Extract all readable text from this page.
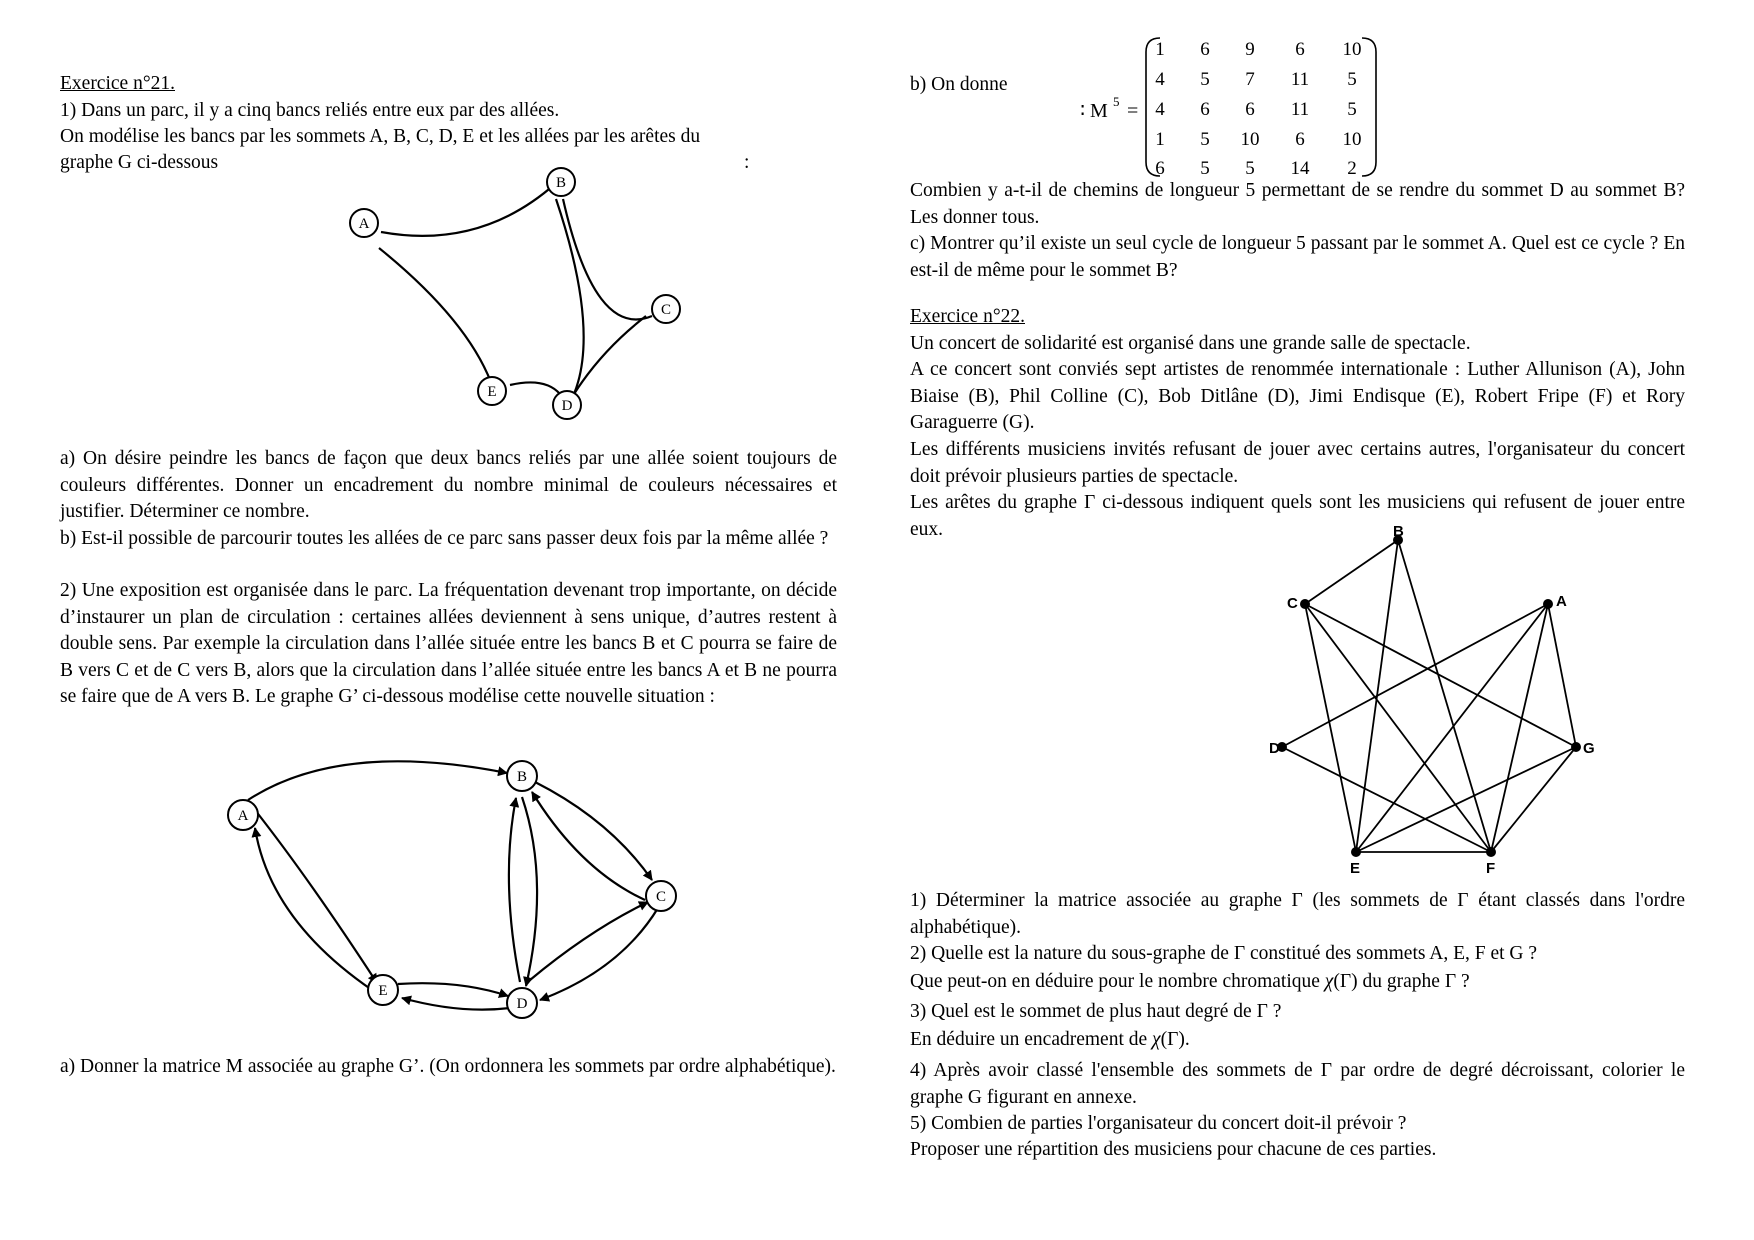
Exercice n°21.

1) Dans un parc, il y a cinq bancs reliés entre eux par des allées.

On modélise les bancs par les sommets A, B, C, D, E et les allées par les arêtes du

graphe G ci-dessous	:

A
B
C
D
E

a) On désire peindre les bancs de façon que deux bancs reliés par une allée soient toujours de couleurs différentes. Donner un encadrement du nombre minimal de couleurs nécessaires et justifier. Déterminer ce nombre.

b) Est-il possible de parcourir toutes les allées de ce parc sans passer deux fois par la même allée ?

2) Une exposition est organisée dans le parc. La fréquentation devenant trop importante, on décide d’instaurer un plan de circulation : certaines allées deviennent à sens unique, d’autres restent à double sens. Par exemple la circulation dans l’allée située entre les bancs B et C pourra se faire de B vers C et de C vers B, alors que la circulation dans l’allée située entre les bancs A et B ne pourra se faire que de A vers B. Le graphe G’ ci-dessous modélise cette nouvelle situation :

A
B
C
D
E

a) Donner la matrice M associée au graphe G’. (On ordonnera les sommets par ordre alphabétique).

b) On donne

∶ M 5 =
1 6 9 6 10
4 5 7 11 5
4 6 6 11 5
1 5 10 6 10
6 5 5 14 2

Combien y a-t-il de chemins de longueur 5 permettant de se rendre du sommet D au sommet B? Les donner tous.

c) Montrer qu’il existe un seul cycle de longueur 5 passant par le sommet A. Quel est ce cycle ? En est-il de même pour le sommet B?

Exercice n°22.

Un concert de solidarité est organisé dans une grande salle de spectacle.

A ce concert sont conviés sept artistes de renommée internationale : Luther Allunison (A), John Biaise (B), Phil Colline (C), Bob Ditlâne (D), Jimi Endisque (E), Robert Fripe (F) et Rory Garaguerre (G).

Les différents musiciens invités refusant de jouer avec certains autres, l'organisateur du concert doit prévoir plusieurs parties de spectacle.

Les arêtes du graphe Γ ci-dessous indiquent quels sont les musiciens qui refusent de jouer entre eux.	B
C	A
D	G
E	F

1) Déterminer la matrice associée au graphe Γ (les sommets de Γ étant classés dans l'ordre alphabétique).

2) Quelle est la nature du sous-graphe de Γ constitué des sommets A, E, F et G ?

Que peut-on en déduire pour le nombre chromatique χ(Γ) du graphe Γ ?

3) Quel est le sommet de plus haut degré de Γ ?

En déduire un encadrement de χ(Γ).

4) Après avoir classé l'ensemble des sommets de Γ par ordre de degré décroissant, colorier le graphe G figurant en annexe.

5) Combien de parties l'organisateur du concert doit-il prévoir ?

Proposer une répartition des musiciens pour chacune de ces parties.
